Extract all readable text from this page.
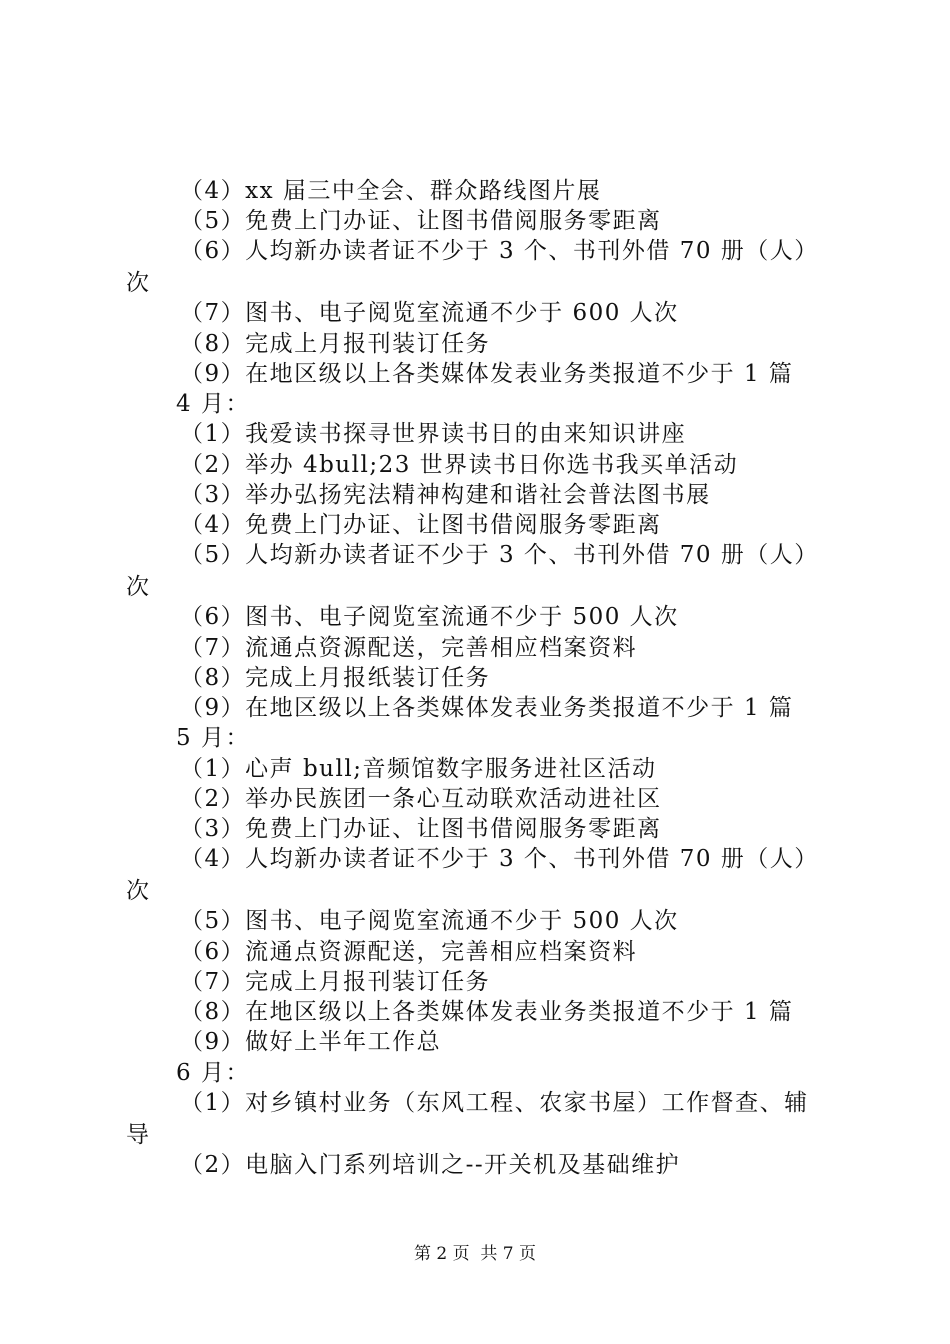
（4）xx 届三中全会、群众路线图片展
（5）免费上门办证、让图书借阅服务零距离
（6）人均新办读者证不少于 3 个、书刊外借 70 册（人）
次
（7）图书、电子阅览室流通不少于 600 人次
（8）完成上月报刊装订任务
（9）在地区级以上各类媒体发表业务类报道不少于 1 篇
4 月：
（1）我爱读书探寻世界读书日的由来知识讲座
（2）举办 4bull;23 世界读书日你选书我买单活动
（3）举办弘扬宪法精神构建和谐社会普法图书展
（4）免费上门办证、让图书借阅服务零距离
（5）人均新办读者证不少于 3 个、书刊外借 70 册（人）
次
（6）图书、电子阅览室流通不少于 500 人次
（7）流通点资源配送，完善相应档案资料
（8）完成上月报纸装订任务
（9）在地区级以上各类媒体发表业务类报道不少于 1 篇
5 月：
（1）心声 bull;音频馆数字服务进社区活动
（2）举办民族团一条心互动联欢活动进社区
（3）免费上门办证、让图书借阅服务零距离
（4）人均新办读者证不少于 3 个、书刊外借 70 册（人）
次
（5）图书、电子阅览室流通不少于 500 人次
（6）流通点资源配送，完善相应档案资料
（7）完成上月报刊装订任务
（8）在地区级以上各类媒体发表业务类报道不少于 1 篇
（9）做好上半年工作总
6 月：
（1）对乡镇村业务（东风工程、农家书屋）工作督查、辅
导
（2）电脑入门系列培训之--开关机及基础维护
第 2 页  共 7 页
